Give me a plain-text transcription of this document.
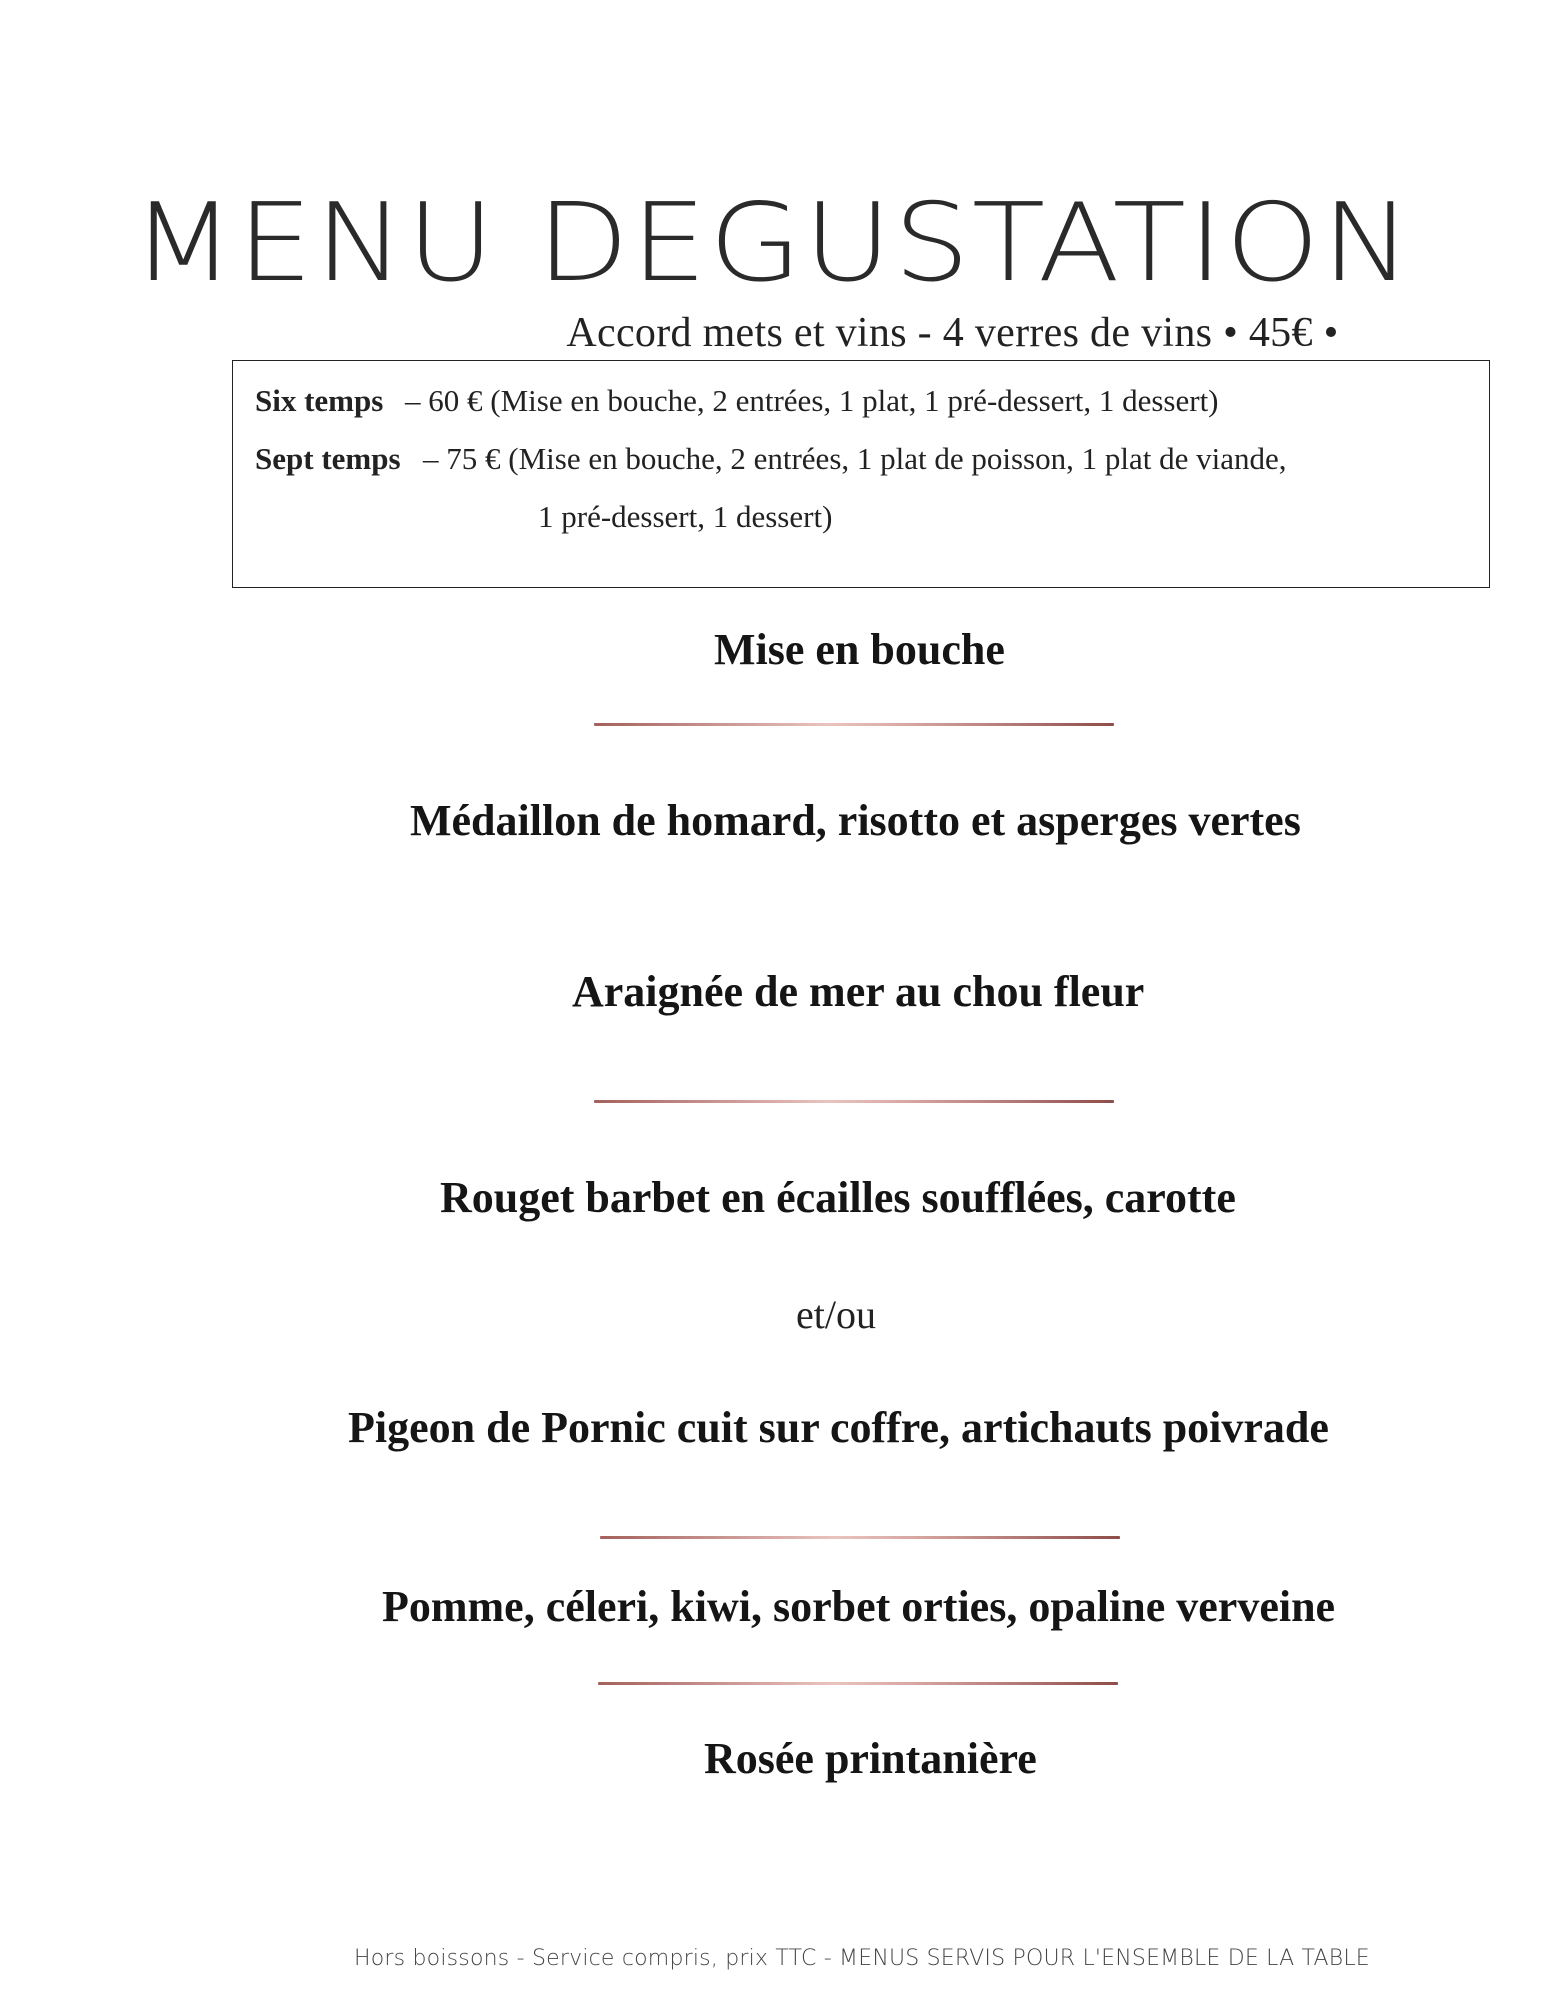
MENU DEGUSTATION
Accord mets et vins - 4 verres de vins • 45€ •
Six temps – 60 € (Mise en bouche, 2 entrées, 1 plat, 1 pré-dessert, 1 dessert)
Sept temps – 75 € (Mise en bouche, 2 entrées, 1 plat de poisson, 1 plat de viande,
1 pré-dessert, 1 dessert)
Mise en bouche
Médaillon de homard, risotto et asperges vertes
Araignée de mer au chou fleur
Rouget barbet en écailles soufflées, carotte
et/ou
Pigeon de Pornic cuit sur coffre, artichauts poivrade
Pomme, céleri, kiwi, sorbet orties, opaline verveine
Rosée printanière
Hors boissons - Service compris, prix TTC - MENUS SERVIS POUR L'ENSEMBLE DE LA TABLE
